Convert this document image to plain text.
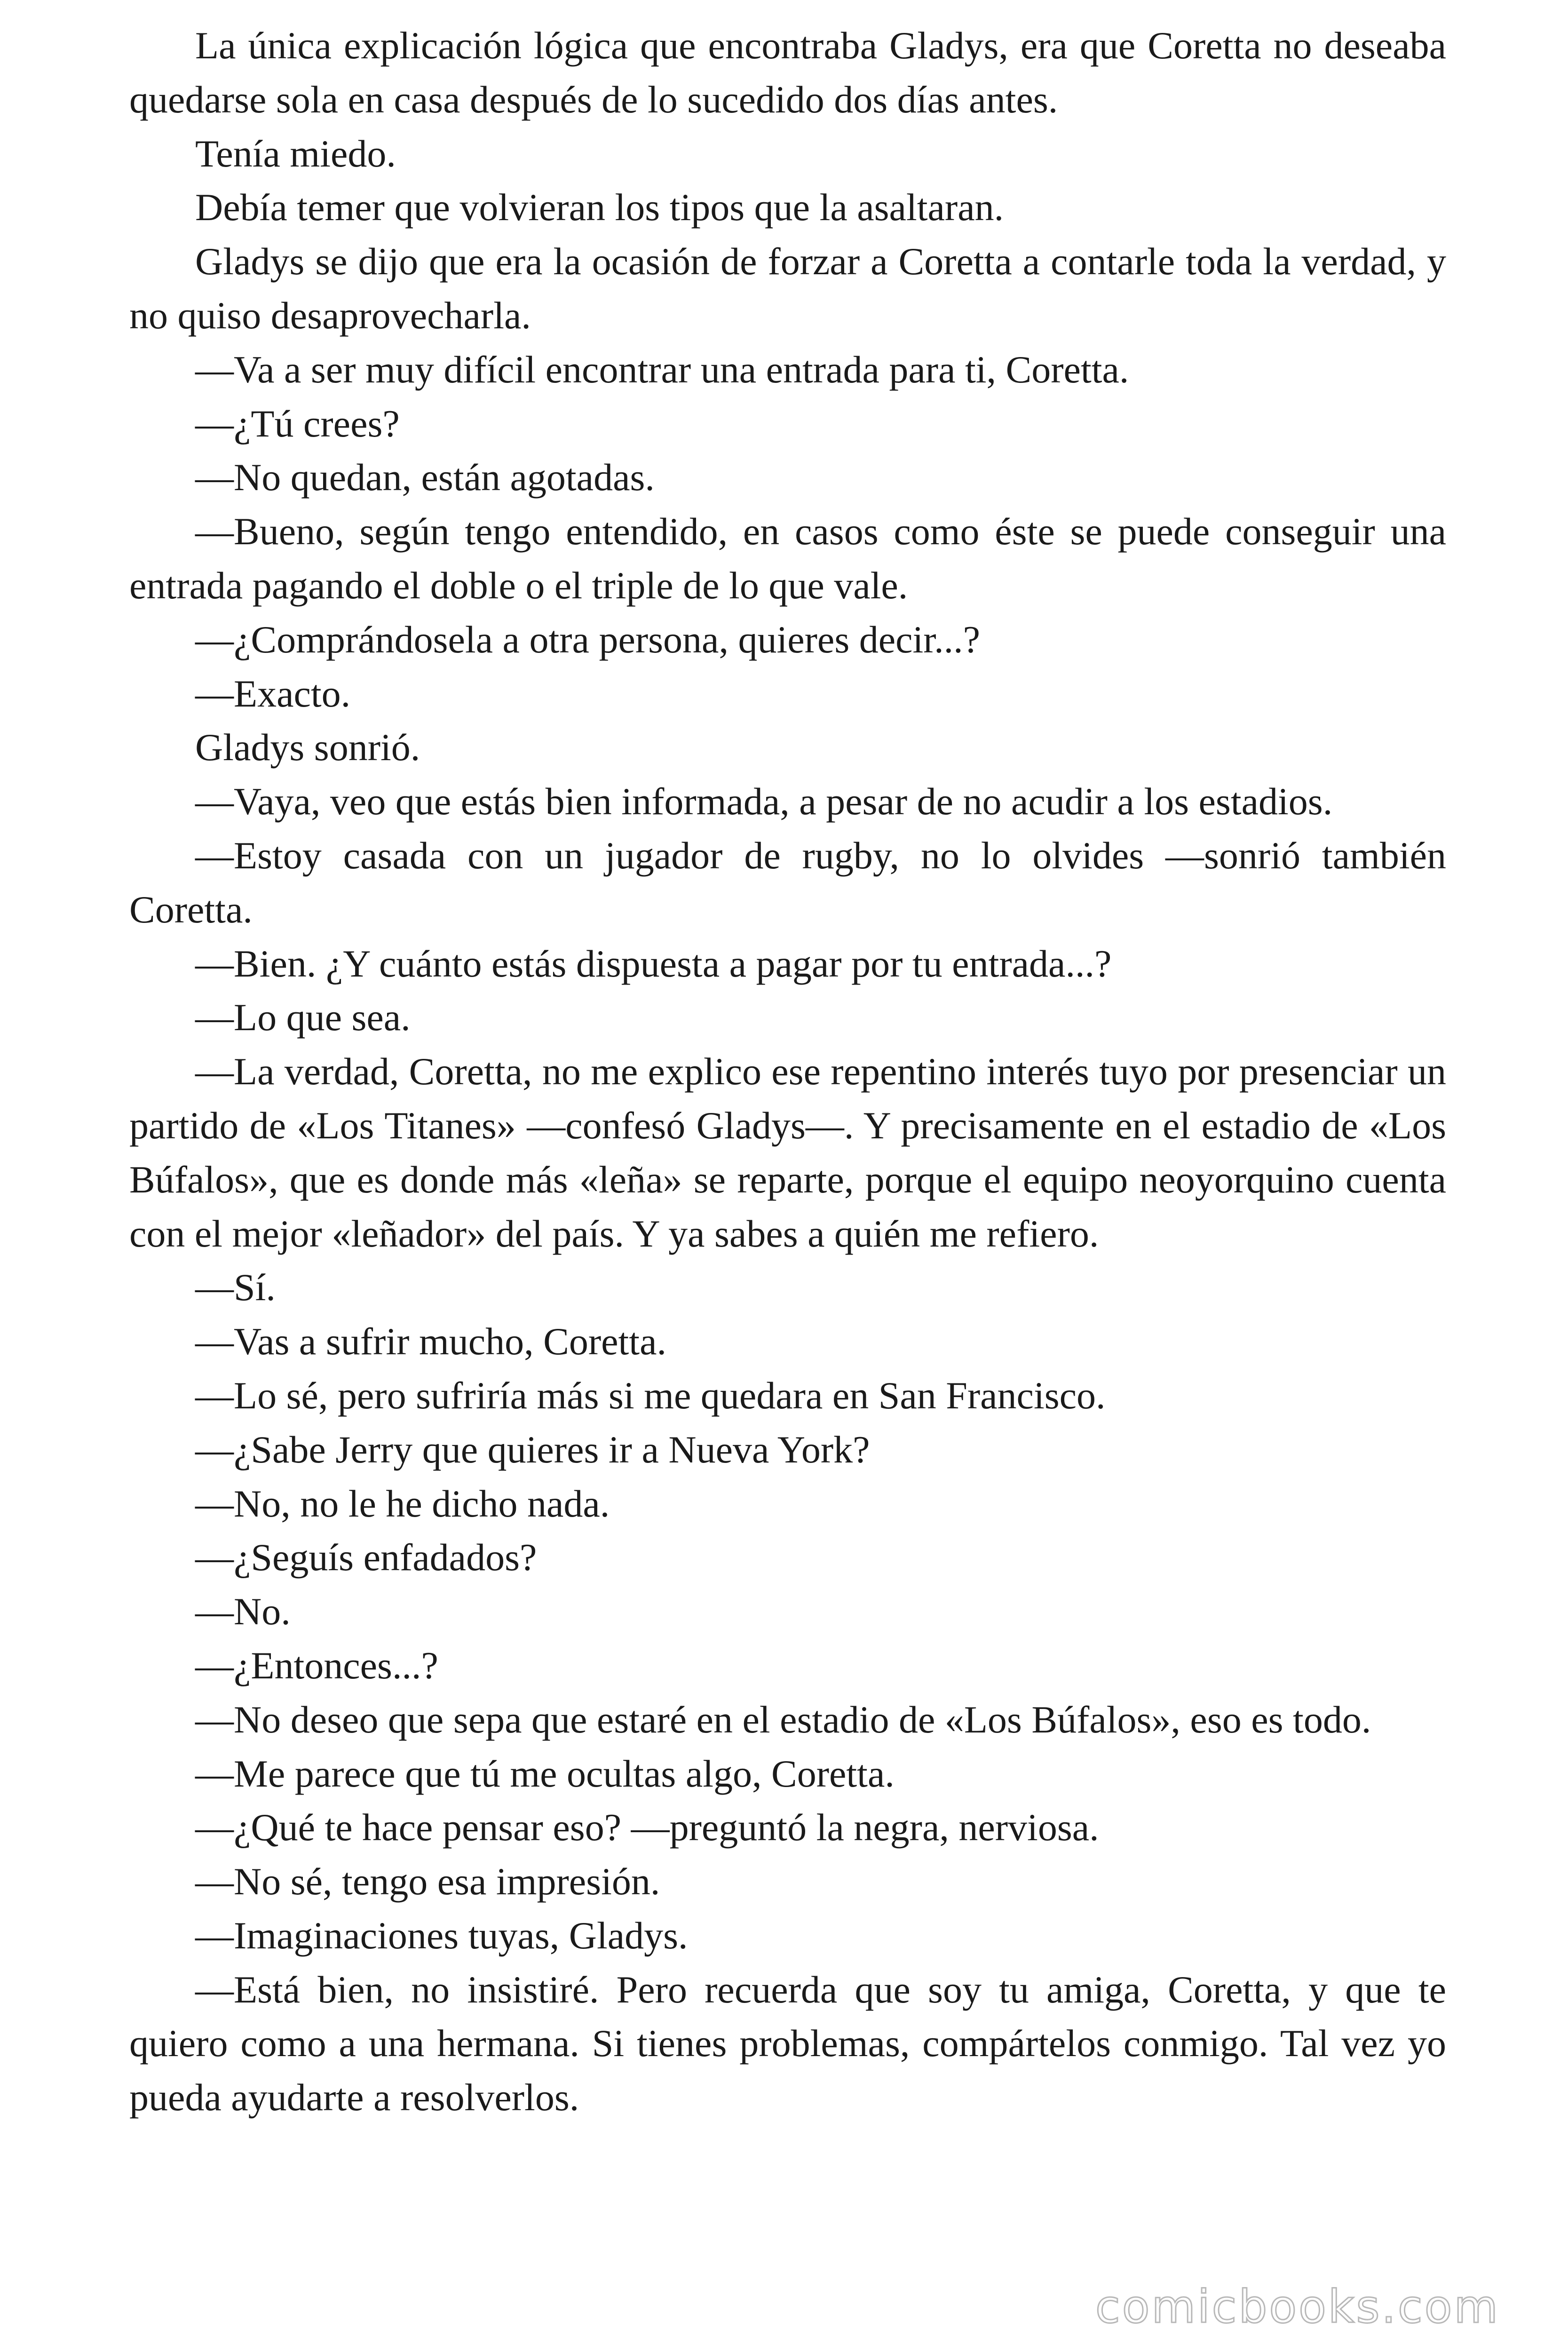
La única explicación lógica que encontraba Gladys, era que Coretta no deseaba quedarse sola en casa después de lo sucedido dos días antes.

Tenía miedo.

Debía temer que volvieran los tipos que la asaltaran.

Gladys se dijo que era la ocasión de forzar a Coretta a contarle toda la verdad, y no quiso desaprovecharla.

—Va a ser muy difícil encontrar una entrada para ti, Coretta.

—¿Tú crees?

—No quedan, están agotadas.

—Bueno, según tengo entendido, en casos como éste se puede conseguir una entrada pagando el doble o el triple de lo que vale.

—¿Comprándosela a otra persona, quieres decir...?

—Exacto.

Gladys sonrió.

—Vaya, veo que estás bien informada, a pesar de no acudir a los estadios.

—Estoy casada con un jugador de rugby, no lo olvides —sonrió también Coretta.

—Bien. ¿Y cuánto estás dispuesta a pagar por tu entrada...?

—Lo que sea.

—La verdad, Coretta, no me explico ese repentino interés tuyo por presenciar un partido de «Los Titanes» —confesó Gladys—. Y precisamente en el estadio de «Los Búfalos», que es donde más «leña» se reparte, porque el equipo neoyorquino cuenta con el mejor «leñador» del país. Y ya sabes a quién me refiero.

—Sí.

—Vas a sufrir mucho, Coretta.

—Lo sé, pero sufriría más si me quedara en San Francisco.

—¿Sabe Jerry que quieres ir a Nueva York?

—No, no le he dicho nada.

—¿Seguís enfadados?

—No.

—¿Entonces...?

—No deseo que sepa que estaré en el estadio de «Los Búfalos», eso es todo.

—Me parece que tú me ocultas algo, Coretta.

—¿Qué te hace pensar eso? —preguntó la negra, nerviosa.

—No sé, tengo esa impresión.

—Imaginaciones tuyas, Gladys.

—Está bien, no insistiré. Pero recuerda que soy tu amiga, Coretta, y que te quiero como a una hermana. Si tienes problemas, compártelos conmigo. Tal vez yo pueda ayudarte a resolverlos.

comicbooks.com
